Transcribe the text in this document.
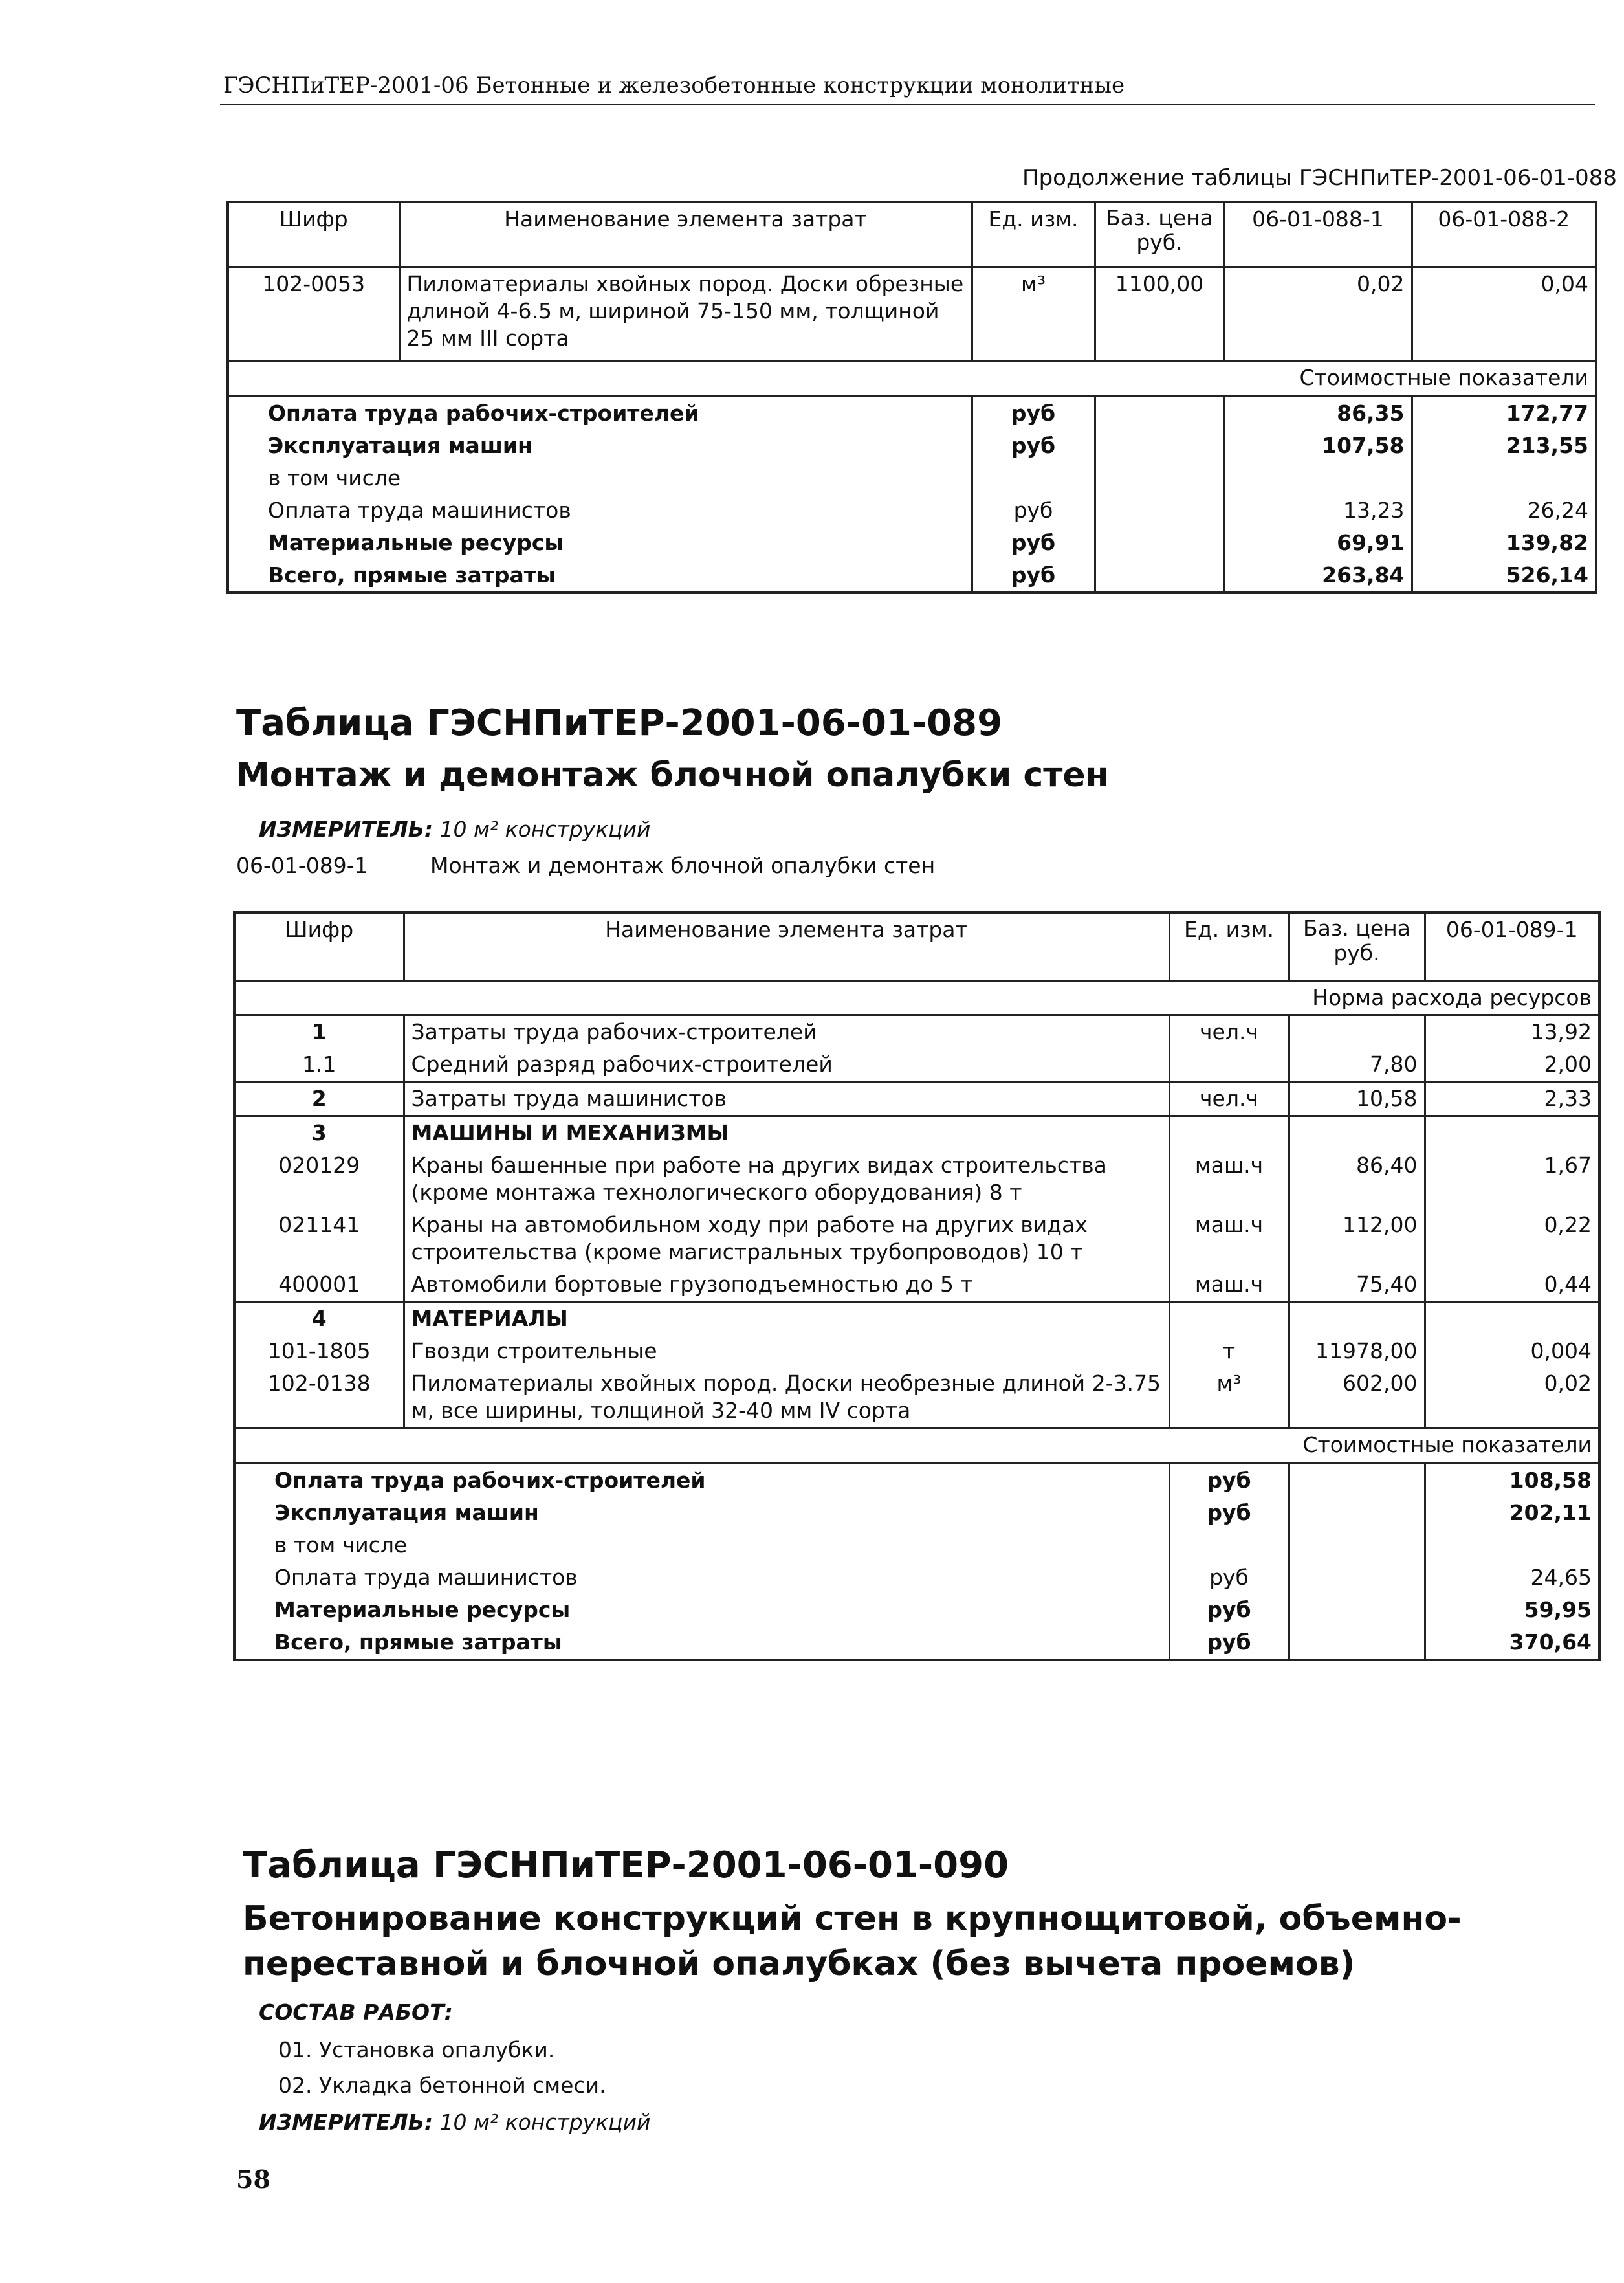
ГЭСНПиТЕР-2001-06 Бетонные и железобетонные конструкции монолитные
Продолжение таблицы ГЭСНПиТЕР-2001-06-01-088
Шифр	Наименование элемента затрат	Ед. изм.	Баз. цена руб.	06-01-088-1	06-01-088-2
102-0053	Пиломатериалы хвойных пород. Доски обрезные длиной 4-6.5 м, шириной 75-150 мм, толщиной 25 мм III сорта	м³	1100,00	0,02	0,04
Стоимостные показатели					
Оплата труда рабочих-строителей		руб		86,35	172,77
Эксплуатация машин		руб		107,58	213,55
в том числе					
Оплата труда машинистов		руб		13,23	26,24
Материальные ресурсы		руб		69,91	139,82
Всего, прямые затраты		руб		263,84	526,14
Таблица ГЭСНПиТЕР-2001-06-01-089
Монтаж и демонтаж блочной опалубки стен
ИЗМЕРИТЕЛЬ: 10 м² конструкций
06-01-089-1	Монтаж и демонтаж блочной опалубки стен
Шифр	Наименование элемента затрат	Ед. изм.	Баз. цена руб.	06-01-089-1
Норма расхода ресурсов				
1	Затраты труда рабочих-строителей	чел.ч		13,92
1.1	Средний разряд рабочих-строителей		7,80	2,00
2	Затраты труда машинистов	чел.ч	10,58	2,33
3	МАШИНЫ И МЕХАНИЗМЫ			
020129	Краны башенные при работе на других видах строительства (кроме монтажа технологического оборудования) 8 т	маш.ч	86,40	1,67
021141	Краны на автомобильном ходу при работе на других видах строительства (кроме магистральных трубопроводов) 10 т	маш.ч	112,00	0,22
400001	Автомобили бортовые грузоподъемностью до 5 т	маш.ч	75,40	0,44
4	МАТЕРИАЛЫ			
101-1805	Гвозди строительные	т	11978,00	0,004
102-0138	Пиломатериалы хвойных пород. Доски необрезные длиной 2-3.75 м, все ширины, толщиной 32-40 мм IV сорта	м³	602,00	0,02
Стоимостные показатели				
Оплата труда рабочих-строителей		руб		108,58
Эксплуатация машин		руб		202,11
в том числе				
Оплата труда машинистов		руб		24,65
Материальные ресурсы		руб		59,95
Всего, прямые затраты		руб		370,64
Таблица ГЭСНПиТЕР-2001-06-01-090
Бетонирование конструкций стен в крупнощитовой, объемно-
переставной и блочной опалубках (без вычета проемов)
СОСТАВ РАБОТ:
01. Установка опалубки.
02. Укладка бетонной смеси.
ИЗМЕРИТЕЛЬ: 10 м² конструкций
58
